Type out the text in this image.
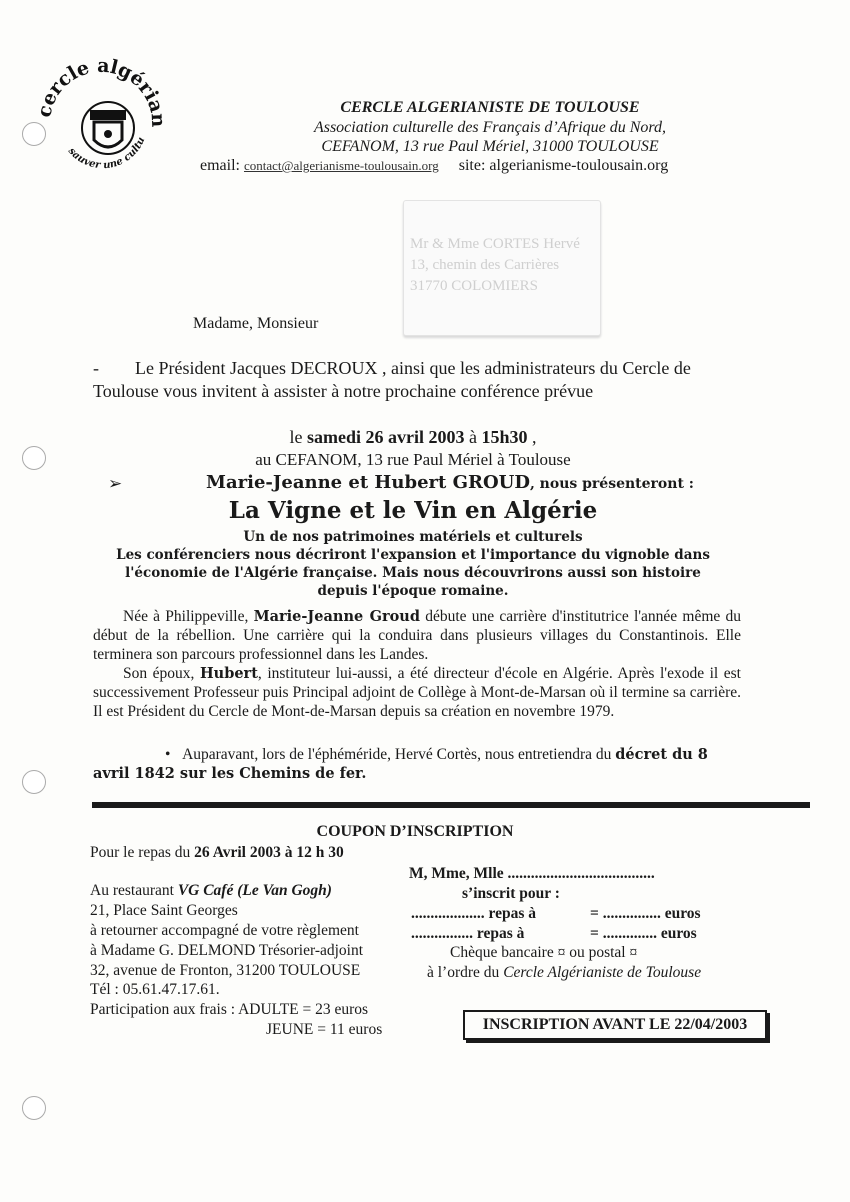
cercle algérian
sauver une cultu
CERCLE ALGERIANISTE DE TOULOUSE
Association culturelle des Français d’Afrique du Nord,
CEFANOM, 13 rue Paul Mériel, 31000 TOULOUSE
email: contact@algerianisme-toulousain.org site: algerianisme-toulousain.org
Mr & Mme CORTES Hervé
13, chemin des Carrières
31770 COLOMIERS
Madame, Monsieur
- Le Président Jacques DECROUX , ainsi que les administrateurs du Cercle de Toulouse vous invitent à assister à notre prochaine conférence prévue
le samedi 26 avril 2003 à 15h30 ,
au CEFANOM, 13 rue Paul Mériel à Toulouse
➢	Marie-Jeanne et Hubert GROUD, nous présenteront :
La Vigne et le Vin en Algérie
Un de nos patrimoines matériels et culturels
Les conférenciers nous décriront l'expansion et l'importance du vignoble dans l'économie de l'Algérie française. Mais nous découvrirons aussi son histoire depuis l'époque romaine.
Née à Philippeville, Marie-Jeanne Groud débute une carrière d'institutrice l'année même du début de la rébellion. Une carrière qui la conduira dans plusieurs villages du Constantinois. Elle terminera son parcours professionnel dans les Landes.
Son époux, Hubert, instituteur lui-aussi, a été directeur d'école en Algérie. Après l'exode il est successivement Professeur puis Principal adjoint de Collège à Mont-de-Marsan où il termine sa carrière. Il est Président du Cercle de Mont-de-Marsan depuis sa création en novembre 1979.
• Auparavant, lors de l'éphéméride, Hervé Cortès, nous entretiendra du décret du 8 avril 1842 sur les Chemins de fer.
COUPON D’INSCRIPTION
Pour le repas du 26 Avril 2003 à 12 h 30
Au restaurant VG Café (Le Van Gogh)
21, Place Saint Georges
à retourner accompagné de votre règlement
à Madame G. DELMOND Trésorier-adjoint
32, avenue de Fronton, 31200 TOULOUSE
Tél : 05.61.47.17.61.
Participation aux frais : ADULTE = 23 euros
JEUNE = 11 euros
M, Mme, Mlle ......................................
s’inscrit pour :
................... repas à	= ............... euros
................ repas à	= .............. euros
Chèque bancaire ¤ ou postal ¤
à l’ordre du Cercle Algérianiste de Toulouse
INSCRIPTION AVANT LE 22/04/2003
